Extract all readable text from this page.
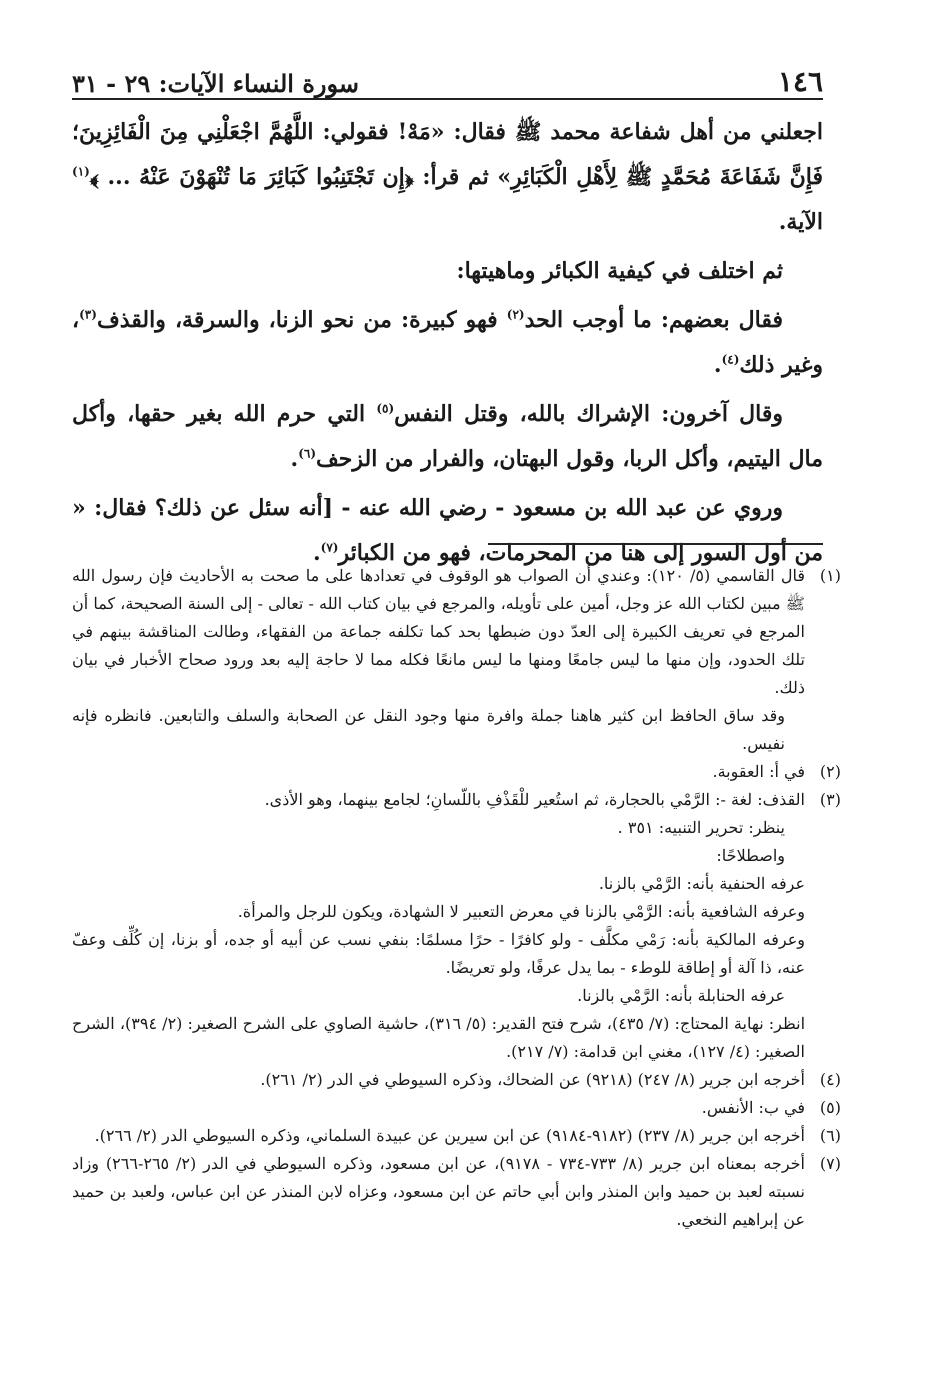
١٤٦
سورة النساء الآيات: ٢٩ - ٣١

اجعلني من أهل شفاعة محمد ﷺ فقال: «مَهْ! فقولي: اللَّهُمَّ اجْعَلْنِي مِنَ الْفَائِزِينَ؛ فَإِنَّ شَفَاعَةَ مُحَمَّدٍ ﷺ لِأَهْلِ الْكَبَائِرِ» ثم قرأ: ﴿إِن تَجْتَنِبُوا كَبَائِرَ مَا تُنْهَوْنَ عَنْهُ ... ﴾$^{(١)}$ الآية.

ثم اختلف في كيفية الكبائر وماهيتها:

فقال بعضهم: ما أوجب الحد$^{(٢)}$ فهو كبيرة: من نحو الزنا، والسرقة، والقذف$^{(٣)}$، وغير ذلك$^{(٤)}$.

وقال آخرون: الإشراك بالله، وقتل النفس$^{(٥)}$ التي حرم الله بغير حقها، وأكل مال اليتيم، وأكل الربا، وقول البهتان، والفرار من الزحف$^{(٦)}$.

وروي عن عبد الله بن مسعود - رضي الله عنه - [أنه سئل عن ذلك؟ فقال: « من أول السور إلى هنا من المحرمات، فهو من الكبائر$^{(٧)}$.

(١)
قال القاسمي (٥/ ١٢٠): وعندي أن الصواب هو الوقوف في تعدادها على ما صحت به الأحاديث فإن رسول الله ﷺ مبين لكتاب الله عز وجل، أمين على تأويله، والمرجع في بيان كتاب الله - تعالى - إلى السنة الصحيحة، كما أن المرجع في تعريف الكبيرة إلى العدّ دون ضبطها بحد كما تكلفه جماعة من الفقهاء، وطالت المناقشة بينهم في تلك الحدود، وإن منها ما ليس جامعًا ومنها ما ليس مانعًا فكله مما لا حاجة إليه بعد ورود صحاح الأخبار في بيان ذلك.

وقد ساق الحافظ ابن كثير هاهنا جملة وافرة منها وجود النقل عن الصحابة والسلف والتابعين. فانظره فإنه نفيس.

(٢)
في أ: العقوبة.
(٣)
القذف: لغة -: الرَّمْي بالحجارة، ثم استُعير للْقَذْفِ باللّسانِ؛ لجامع بينهما، وهو الأذى.

ينظر: تحرير التنبيه: ٣٥١ .

واصطلاحًا:

عرفه الحنفية بأنه: الرَّمْي بالزنا.

وعرفه الشافعية بأنه: الرَّمْي بالزنا في معرض التعبير لا الشهادة، ويكون للرجل والمرأة.

وعرفه المالكية بأنه: رَمْي مكلَّف - ولو كافرًا - حرًا مسلمًا: بنفي نسب عن أبيه أو جده، أو بزنا، إن كُلِّف وعفّ عنه، ذا آلة أو إطاقة للوطء - بما يدل عرفًا، ولو تعريضًا.

عرفه الحنابلة بأنه: الرَّمْي بالزنا.

انظر: نهاية المحتاج: (٧/ ٤٣٥)، شرح فتح القدير: (٥/ ٣١٦)، حاشية الصاوي على الشرح الصغير: (٢/ ٣٩٤)، الشرح الصغير: (٤/ ١٢٧)، مغني ابن قدامة: (٧/ ٢١٧).

(٤)
أخرجه ابن جرير (٨/ ٢٤٧) (٩٢١٨) عن الضحاك، وذكره السيوطي في الدر (٢/ ٢٦١).
(٥)
في ب: الأنفس.
(٦)
أخرجه ابن جرير (٨/ ٢٣٧) (٩١٨٢-٩١٨٤) عن ابن سيرين عن عبيدة السلماني، وذكره السيوطي الدر (٢/ ٢٦٦).
(٧)
أخرجه بمعناه ابن جرير (٨/ ٧٣٣-٧٣٤ - ٩١٧٨)، عن ابن مسعود، وذكره السيوطي في الدر (٢/ ٢٦٥-٢٦٦) وزاد نسبته لعبد بن حميد وابن المنذر وابن أبي حاتم عن ابن مسعود، وعزاه لابن المنذر عن ابن عباس، ولعبد بن حميد عن إبراهيم النخعي.
